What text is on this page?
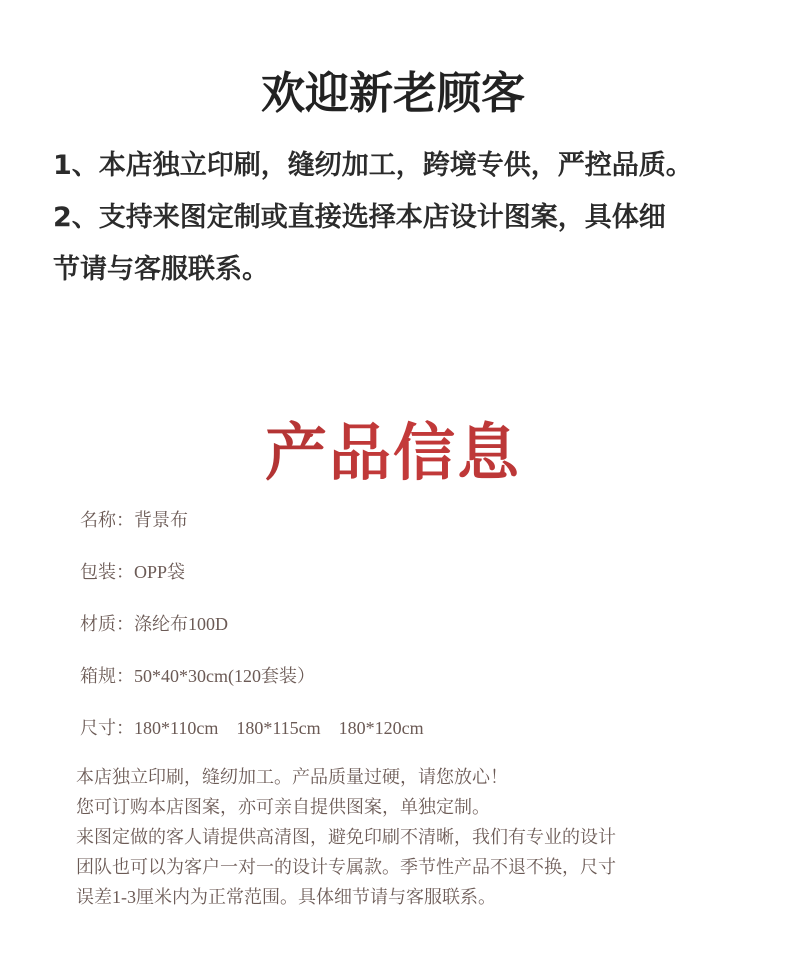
欢迎新老顾客

1、本店独立印刷，缝纫加工，跨境专供，严控品质。

2、支持来图定制或直接选择本店设计图案，具体细

节请与客服联系。

产品信息
名称：背景布
包装：OPP袋
材质：涤纶布100D
箱规：50*40*30cm(120套装）
尺寸：180*110cm　180*115cm　180*120cm

本店独立印刷，缝纫加工。产品质量过硬，请您放心！

您可订购本店图案，亦可亲自提供图案，单独定制。

来图定做的客人请提供高清图，避免印刷不清晰，我们有专业的设计

团队也可以为客户一对一的设计专属款。季节性产品不退不换，尺寸

误差1-3厘米内为正常范围。具体细节请与客服联系。
